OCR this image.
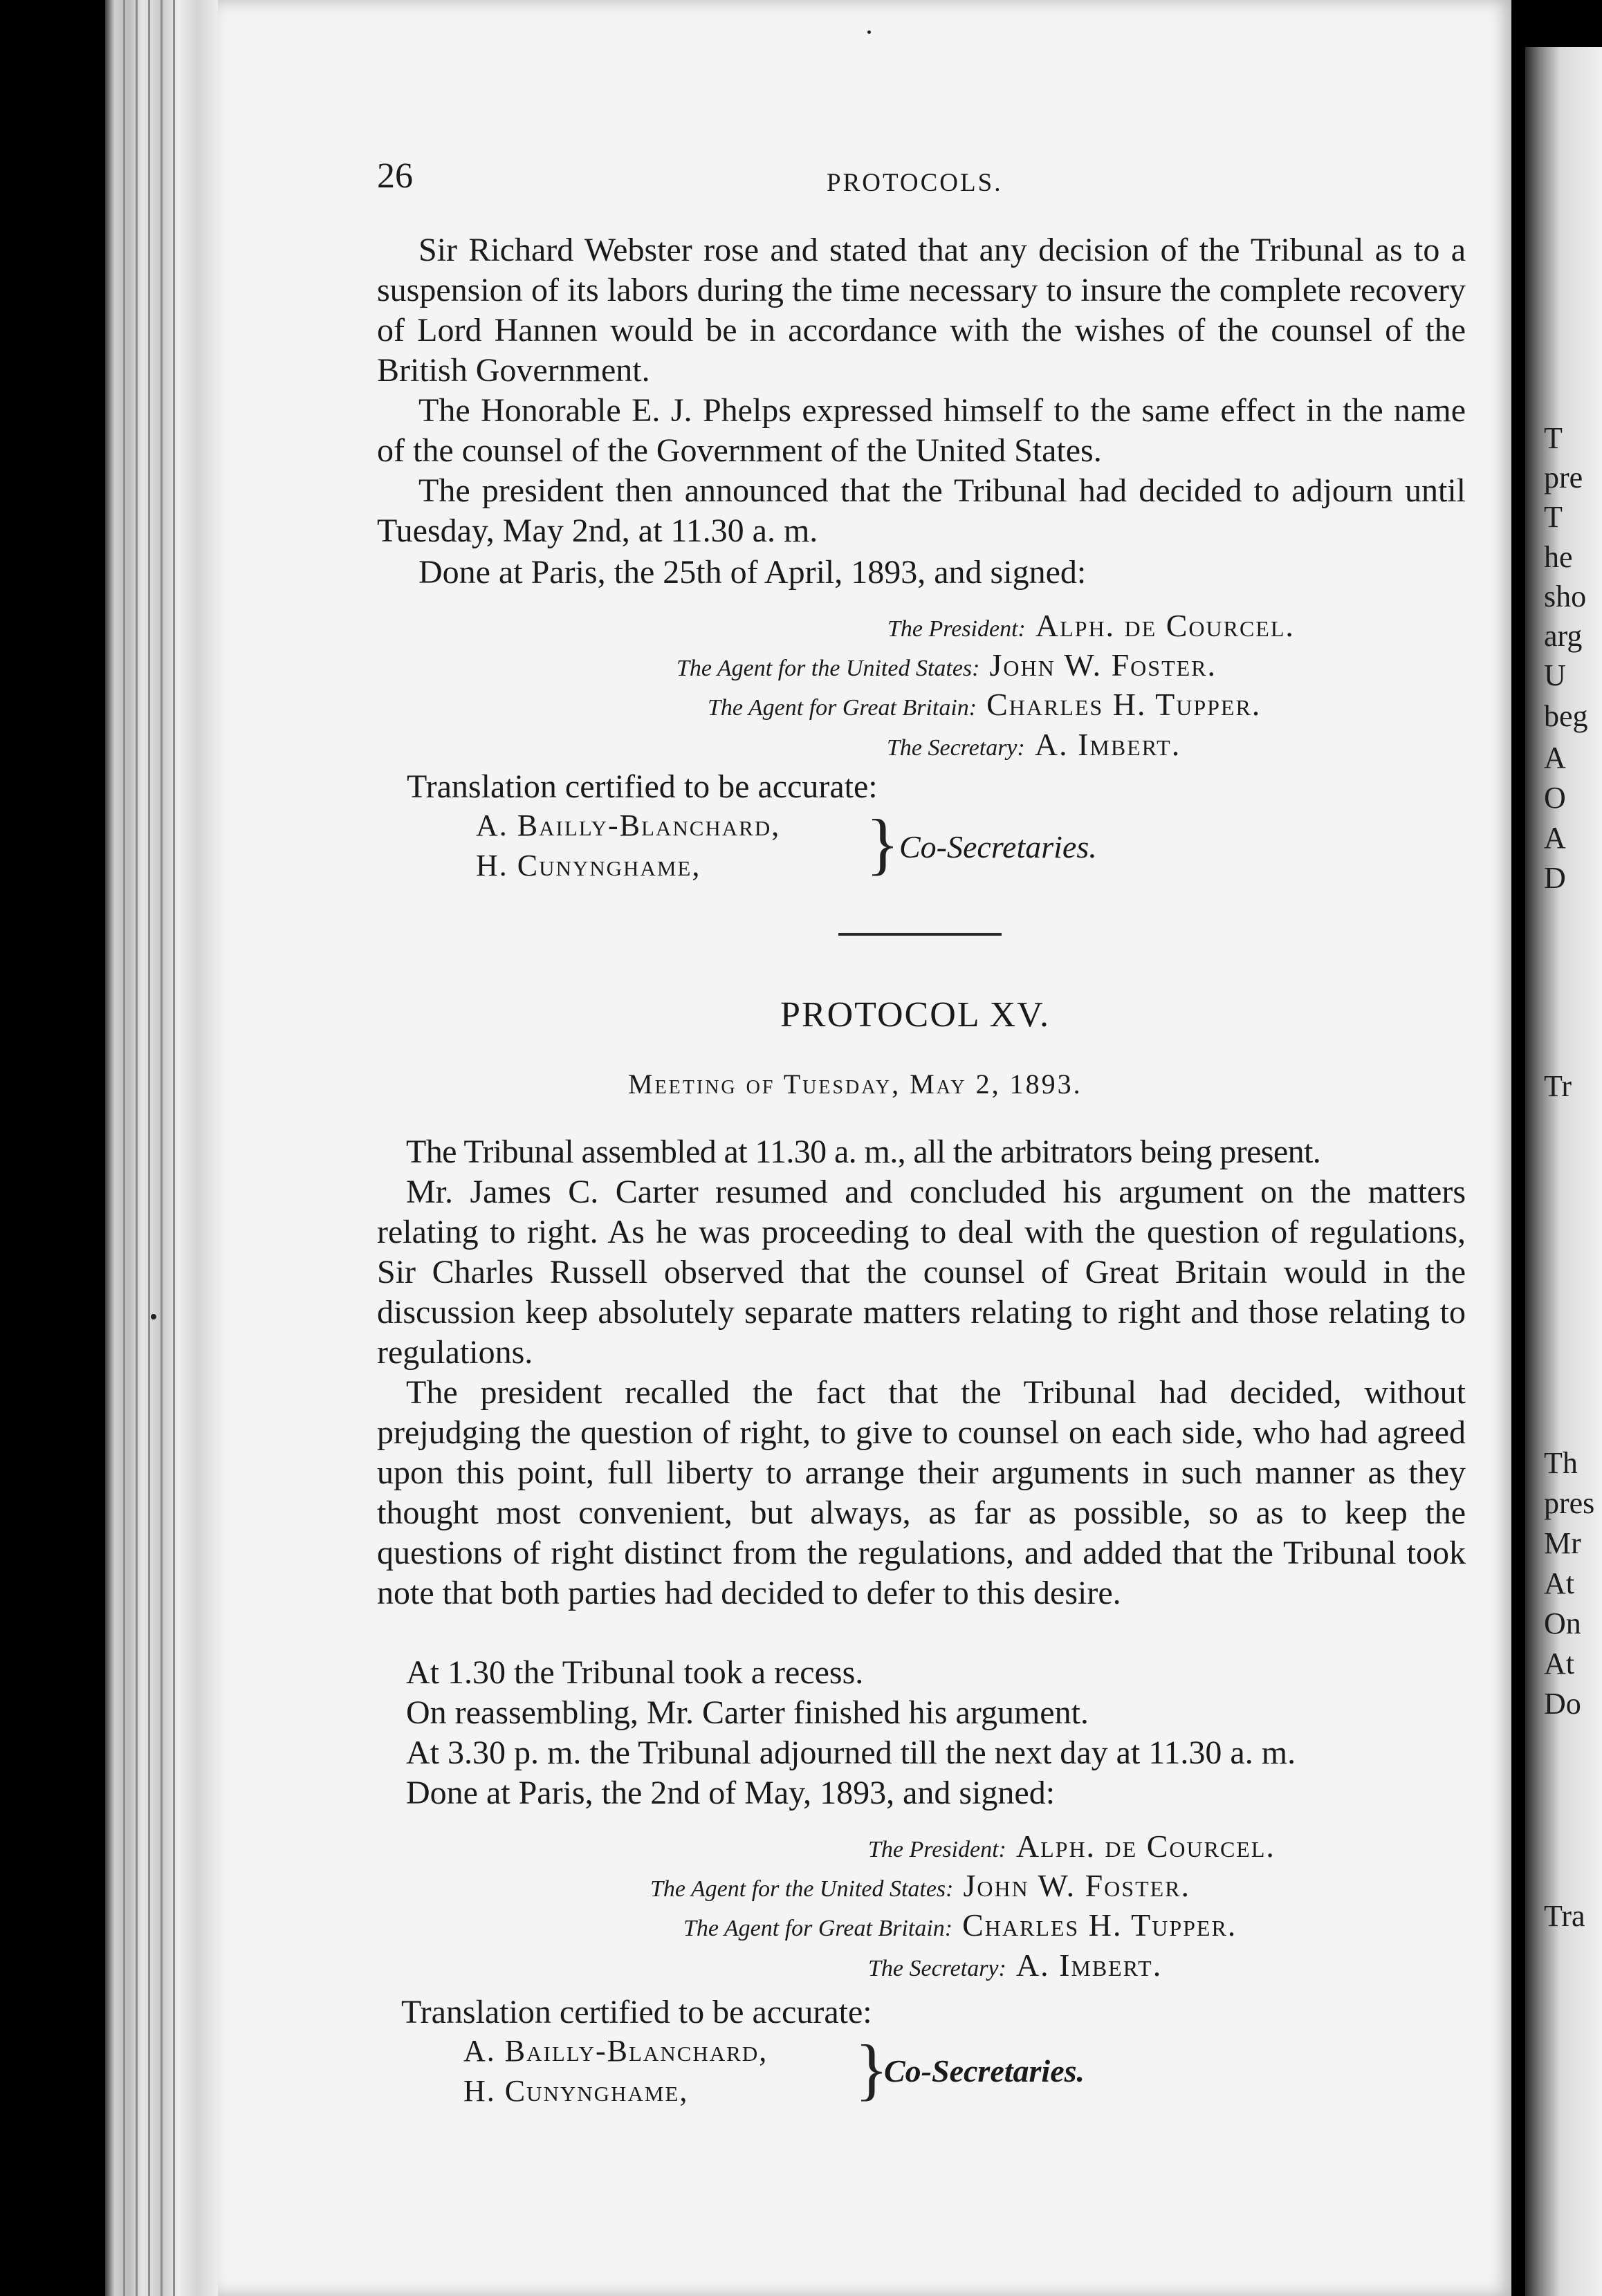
T
pre
T
he
sho
arg
U
beg
A
O
A
D
Tr
Th
pres
Mr
At
On
At
Do
Tra
26	PROTOCOLS.
Sir Richard Webster rose and stated that any decision of the Tribunal as to a suspension of its labors during the time necessary to insure the complete recovery of Lord Hannen would be in accordance with the wishes of the counsel of the British Government.
The Honorable E. J. Phelps expressed himself to the same effect in the name of the counsel of the Government of the United States.
The president then announced that the Tribunal had decided to adjourn until Tuesday, May 2nd, at 11.30 a. m.
Done at Paris, the 25th of April, 1893, and signed:
The President: Alph. de Courcel.
The Agent for the United States: John W. Foster.
The Agent for Great Britain: Charles H. Tupper.
The Secretary: A. Imbert.
Translation certified to be accurate:
A. Bailly-Blanchard,
H. Cunynghame, } Co-Secretaries.
PROTOCOL XV.
Meeting of Tuesday, May 2, 1893.
The Tribunal assembled at 11.30 a. m., all the arbitrators being present.
Mr. James C. Carter resumed and concluded his argument on the matters relating to right. As he was proceeding to deal with the question of regulations, Sir Charles Russell observed that the counsel of Great Britain would in the discussion keep absolutely separate matters relating to right and those relating to regulations.
The president recalled the fact that the Tribunal had decided, without prejudging the question of right, to give to counsel on each side, who had agreed upon this point, full liberty to arrange their arguments in such manner as they thought most convenient, but always, as far as possible, so as to keep the questions of right distinct from the regulations, and added that the Tribunal took note that both parties had decided to defer to this desire.
At 1.30 the Tribunal took a recess.
On reassembling, Mr. Carter finished his argument.
At 3.30 p. m. the Tribunal adjourned till the next day at 11.30 a. m.
Done at Paris, the 2nd of May, 1893, and signed:
The President: Alph. de Courcel.
The Agent for the United States: John W. Foster.
The Agent for Great Britain: Charles H. Tupper.
The Secretary: A. Imbert.
Translation certified to be accurate:
A. Bailly-Blanchard,
H. Cunynghame, }
Co-Secretaries.
